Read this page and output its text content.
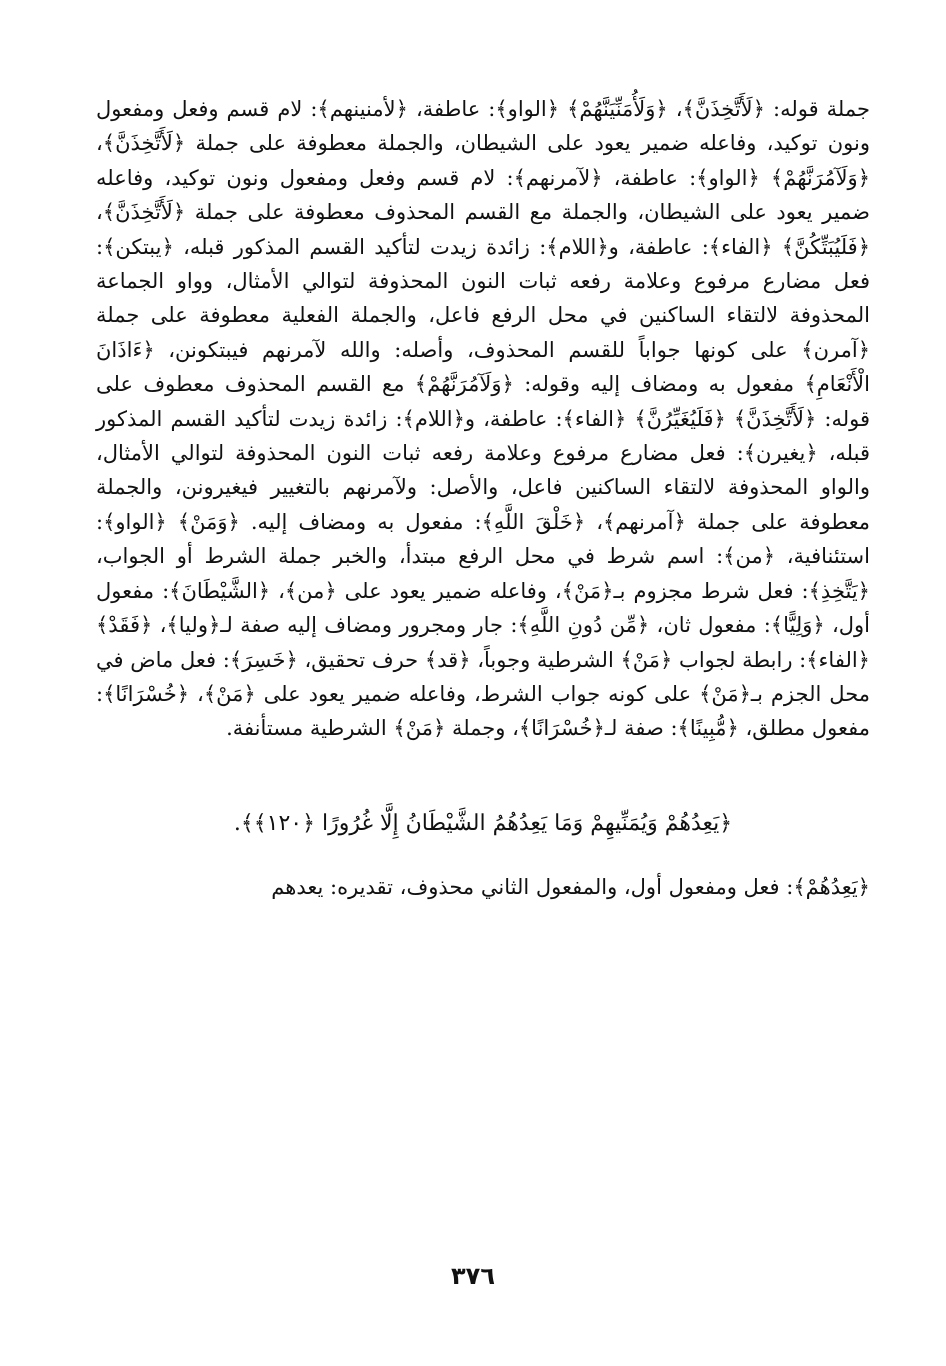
جملة قوله: ﴿لَأَتَّخِذَنَّ﴾، ﴿وَلَأُمَنِّيَنَّهُمْ﴾ ﴿الواو﴾: عاطفة، ﴿لأمنينهم﴾: لام قسم وفعل ومفعول ونون توكيد، وفاعله ضمير يعود على الشيطان، والجملة معطوفة على جملة ﴿لَأَتَّخِذَنَّ﴾، ﴿وَلَآمُرَنَّهُمْ﴾ ﴿الواو﴾: عاطفة، ﴿لآمرنهم﴾: لام قسم وفعل ومفعول ونون توكيد، وفاعله ضمير يعود على الشيطان، والجملة مع القسم المحذوف معطوفة على جملة ﴿لَأَتَّخِذَنَّ﴾، ﴿فَلَيُبَتِّكُنَّ﴾ ﴿الفاء﴾: عاطفة، و﴿اللام﴾: زائدة زيدت لتأكيد القسم المذكور قبله، ﴿يبتكن﴾: فعل مضارع مرفوع وعلامة رفعه ثبات النون المحذوفة لتوالي الأمثال، وواو الجماعة المحذوفة لالتقاء الساكنين في محل الرفع فاعل، والجملة الفعلية معطوفة على جملة ﴿آمرن﴾ على كونها جواباً للقسم المحذوف، وأصله: والله لآمرنهم فيبتكونن، ﴿ءَاذَانَ الْأَنْعَامِ﴾ مفعول به ومضاف إليه وقوله: ﴿وَلَآمُرَنَّهُمْ﴾ مع القسم المحذوف معطوف على قوله: ﴿لَأَتَّخِذَنَّ﴾ ﴿فَلَيُغَيِّرُنَّ﴾ ﴿الفاء﴾: عاطفة، و﴿اللام﴾: زائدة زيدت لتأكيد القسم المذكور قبله، ﴿يغيرن﴾: فعل مضارع مرفوع وعلامة رفعه ثبات النون المحذوفة لتوالي الأمثال، والواو المحذوفة لالتقاء الساكنين فاعل، والأصل: ولآمرنهم بالتغيير فيغيرونن، والجملة معطوفة على جملة ﴿آمرنهم﴾، ﴿خَلْقَ اللَّهِ﴾: مفعول به ومضاف إليه. ﴿وَمَنْ﴾ ﴿الواو﴾: استئنافية، ﴿من﴾: اسم شرط في محل الرفع مبتدأ، والخبر جملة الشرط أو الجواب، ﴿يَتَّخِذِ﴾: فعل شرط مجزوم بـ﴿مَنْ﴾، وفاعله ضمير يعود على ﴿من﴾، ﴿الشَّيْطَانَ﴾: مفعول أول، ﴿وَلِيًّا﴾: مفعول ثان، ﴿مِّن دُونِ اللَّهِ﴾: جار ومجرور ومضاف إليه صفة لـ﴿وليا﴾، ﴿فَقَدْ﴾ ﴿الفاء﴾: رابطة لجواب ﴿مَنْ﴾ الشرطية وجوباً، ﴿قد﴾ حرف تحقيق، ﴿خَسِرَ﴾: فعل ماض في محل الجزم بـ﴿مَنْ﴾ على كونه جواب الشرط، وفاعله ضمير يعود على ﴿مَنْ﴾، ﴿خُسْرَانًا﴾: مفعول مطلق، ﴿مُّبِينًا﴾: صفة لـ﴿خُسْرَانًا﴾، وجملة ﴿مَنْ﴾ الشرطية مستأنفة.

﴿يَعِدُهُمْ وَيُمَنِّيهِمْ وَمَا يَعِدُهُمُ الشَّيْطَانُ إِلَّا غُرُورًا ﴿١٢٠﴾﴾.

﴿يَعِدُهُمْ﴾: فعل ومفعول أول، والمفعول الثاني محذوف، تقديره: يعدهم

٣٧٦
